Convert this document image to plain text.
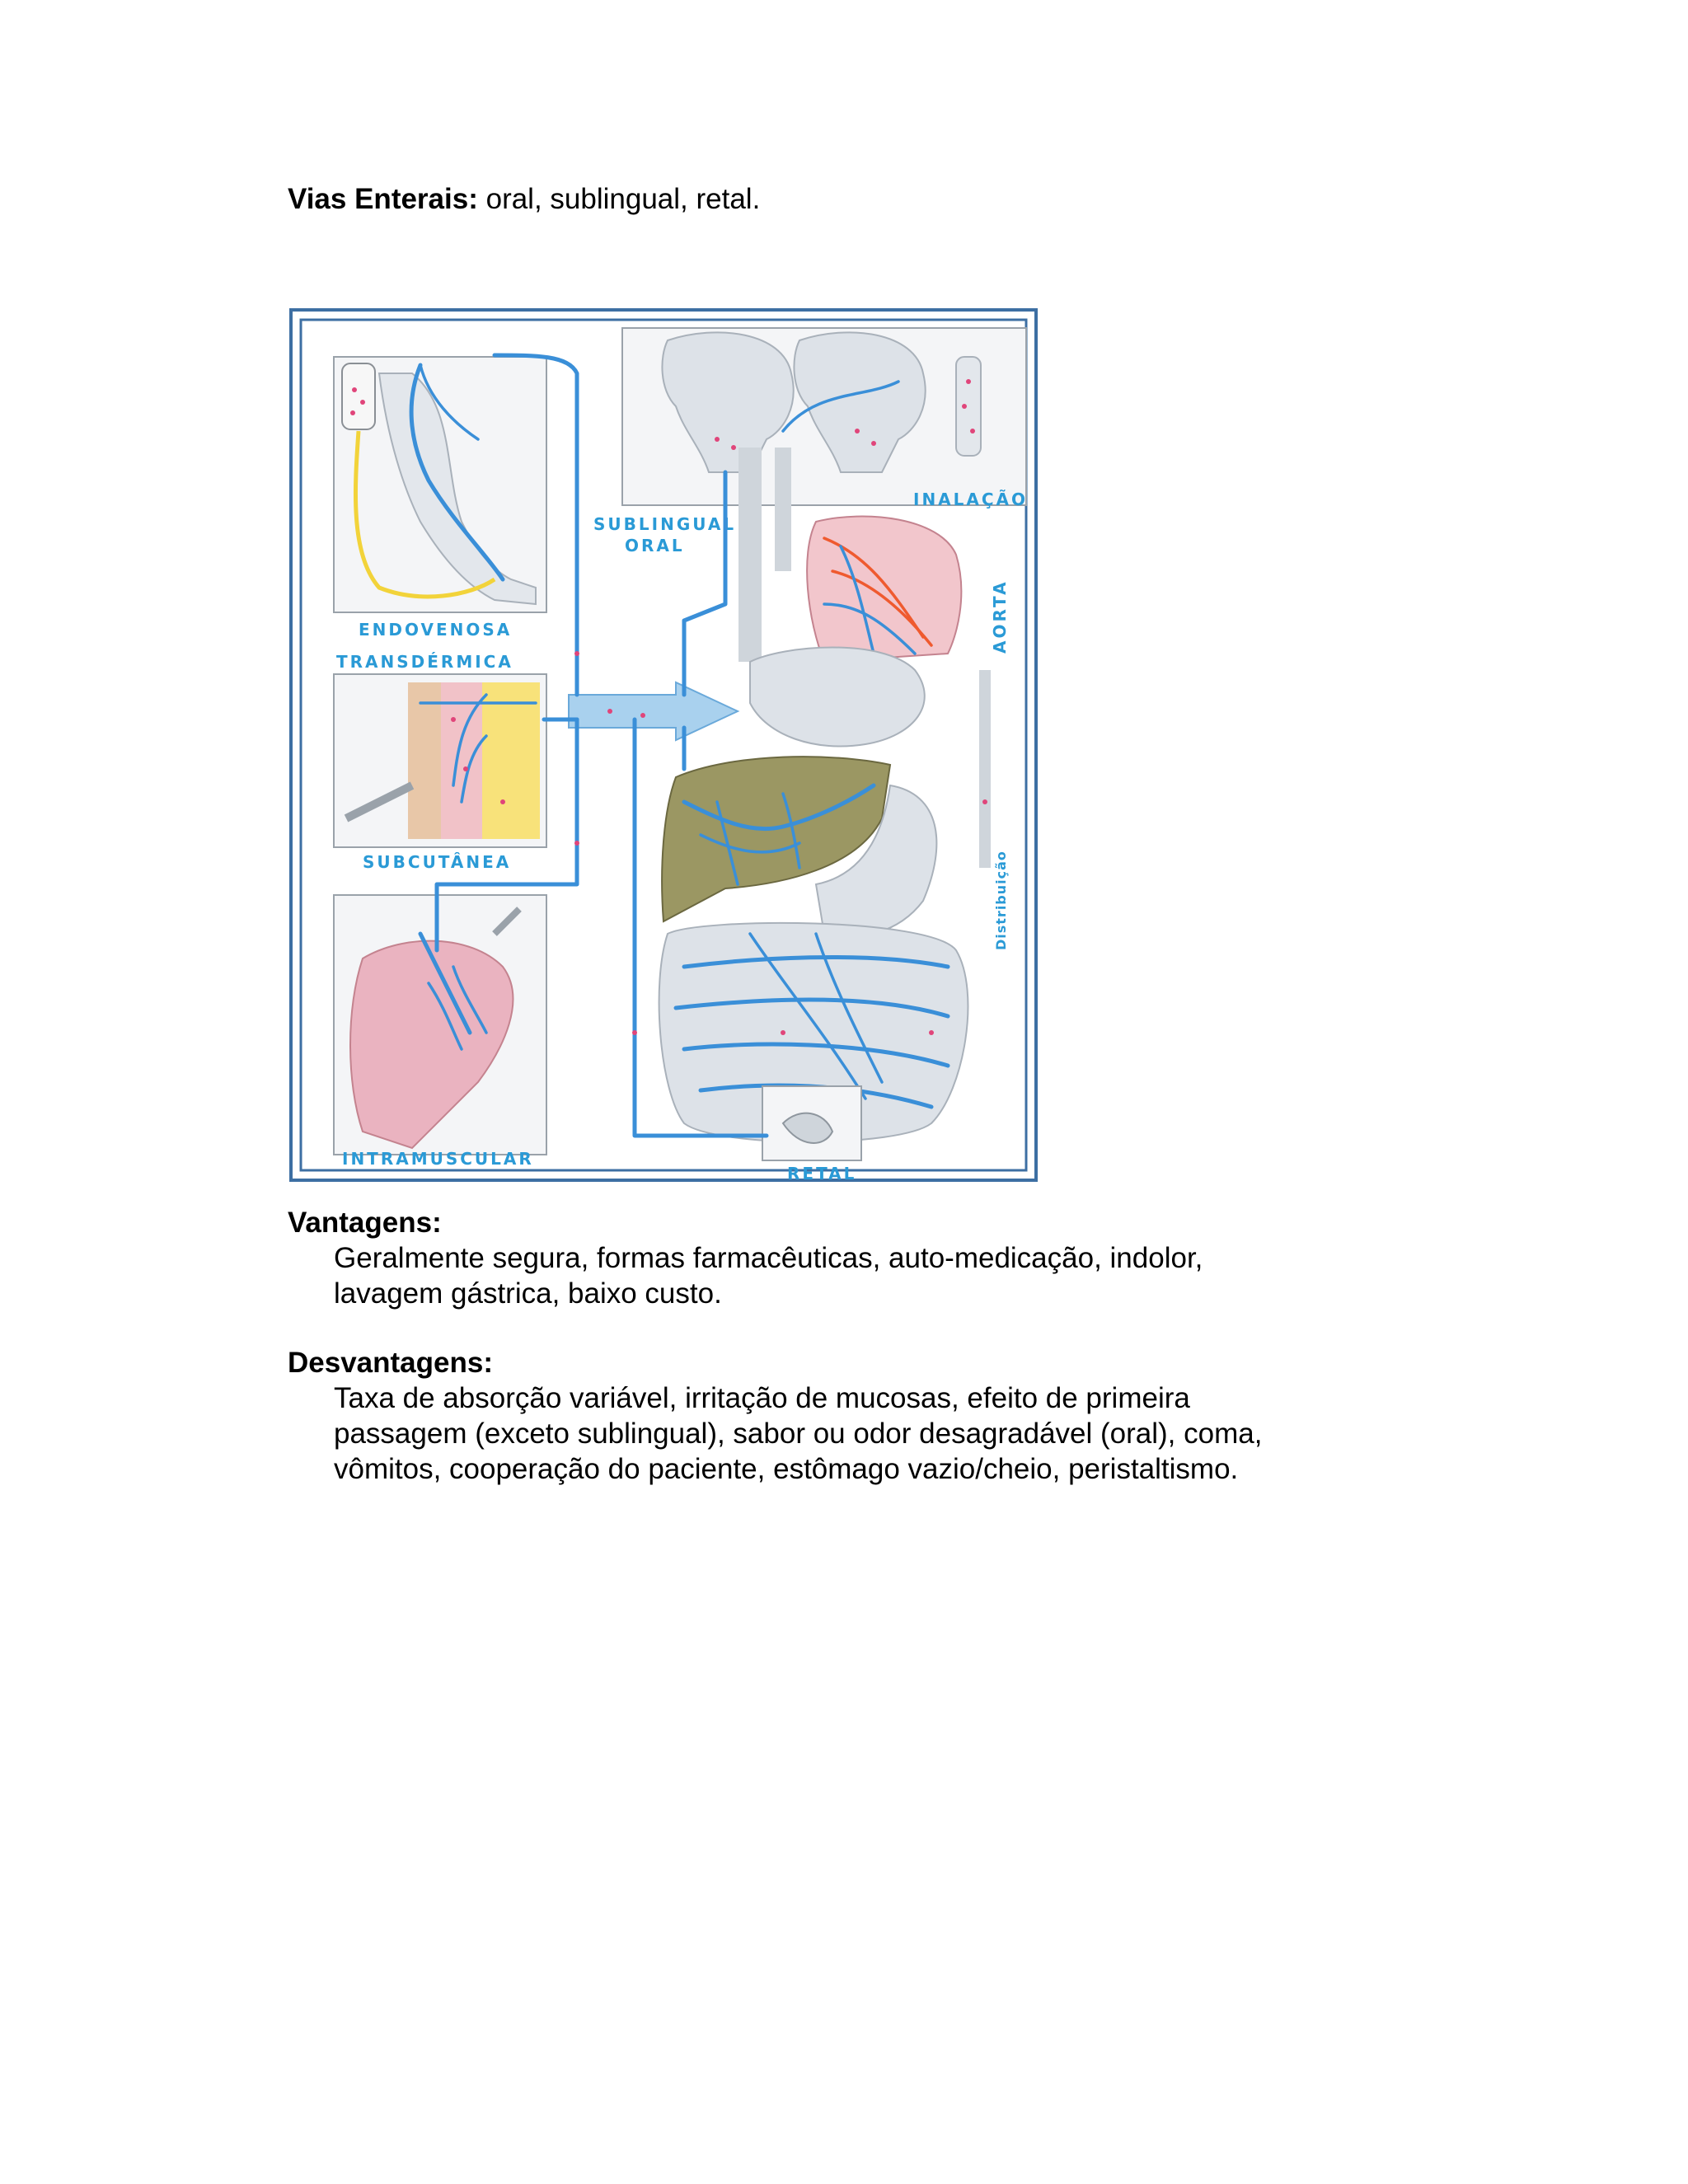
Vias Enterais: oral, sublingual, retal.
ENDOVENOSA
TRANSDÉRMICA
SUBCUTÂNEA
INTRAMUSCULAR
SUBLINGUAL
ORAL
INALAÇÃO
AORTA
Distribuição
RETAL
Vantagens:
Geralmente segura, formas farmacêuticas, auto-medicação, indolor,
lavagem gástrica, baixo custo.
Desvantagens:
Taxa de absorção variável, irritação de mucosas, efeito de primeira
passagem (exceto sublingual), sabor ou odor desagradável (oral), coma,
vômitos, cooperação do paciente, estômago vazio/cheio, peristaltismo.
